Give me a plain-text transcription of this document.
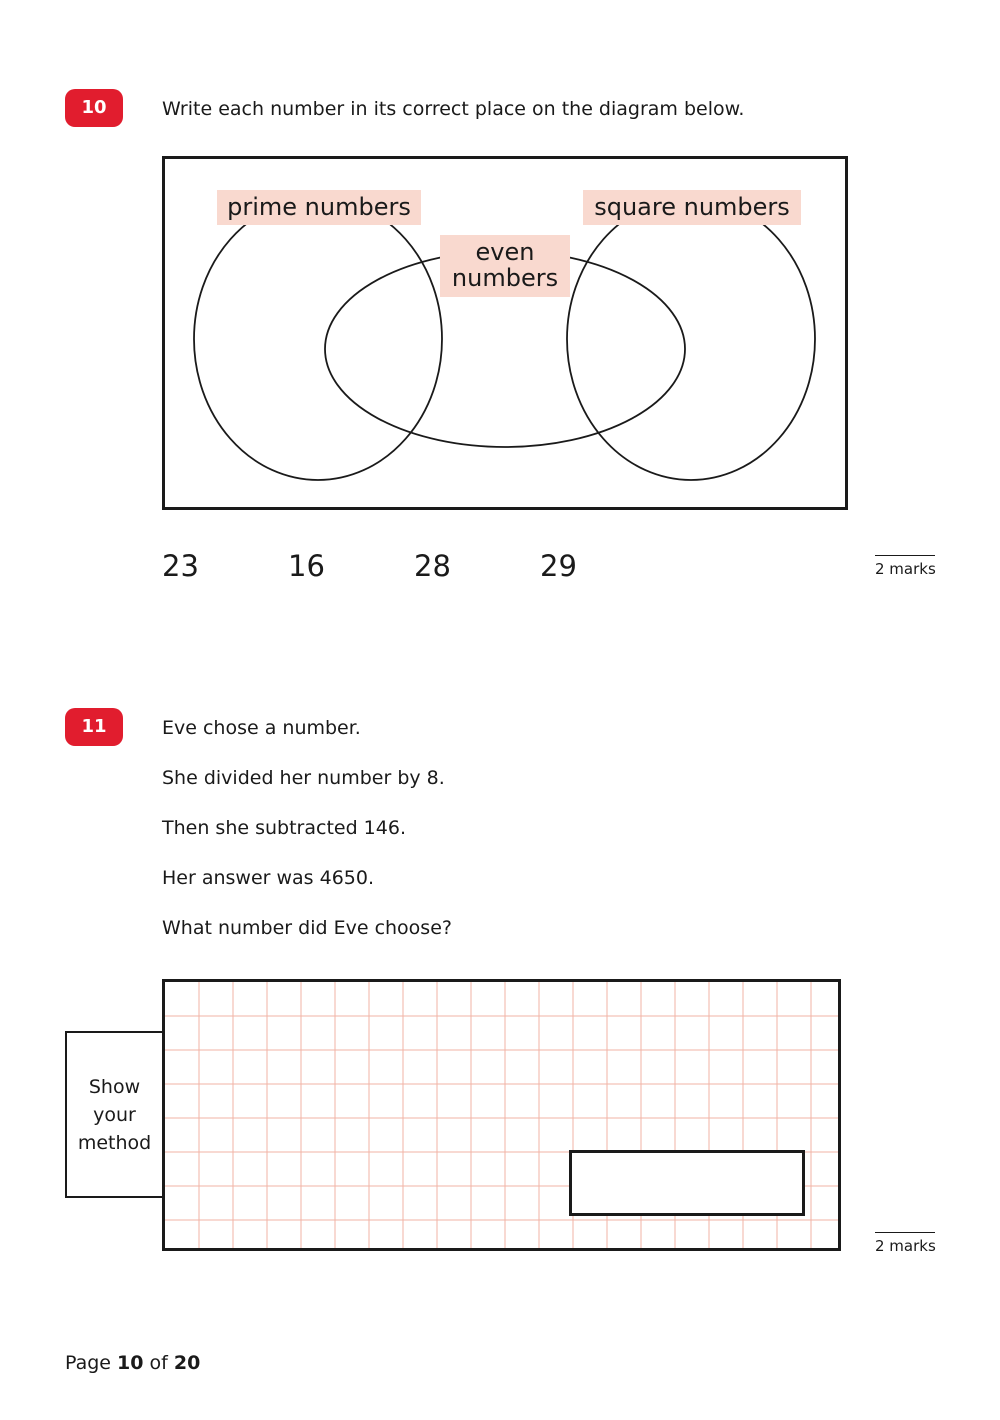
10	Write each number in its correct place on the diagram below.
prime numbers	square numbers
even
numbers
23	16	28	29	2 marks
11	Eve chose a number.
She divided her number by 8.
Then she subtracted 146.
Her answer was 4650.
What number did Eve choose?
Show
your
method
2 marks
Page 10 of 20
